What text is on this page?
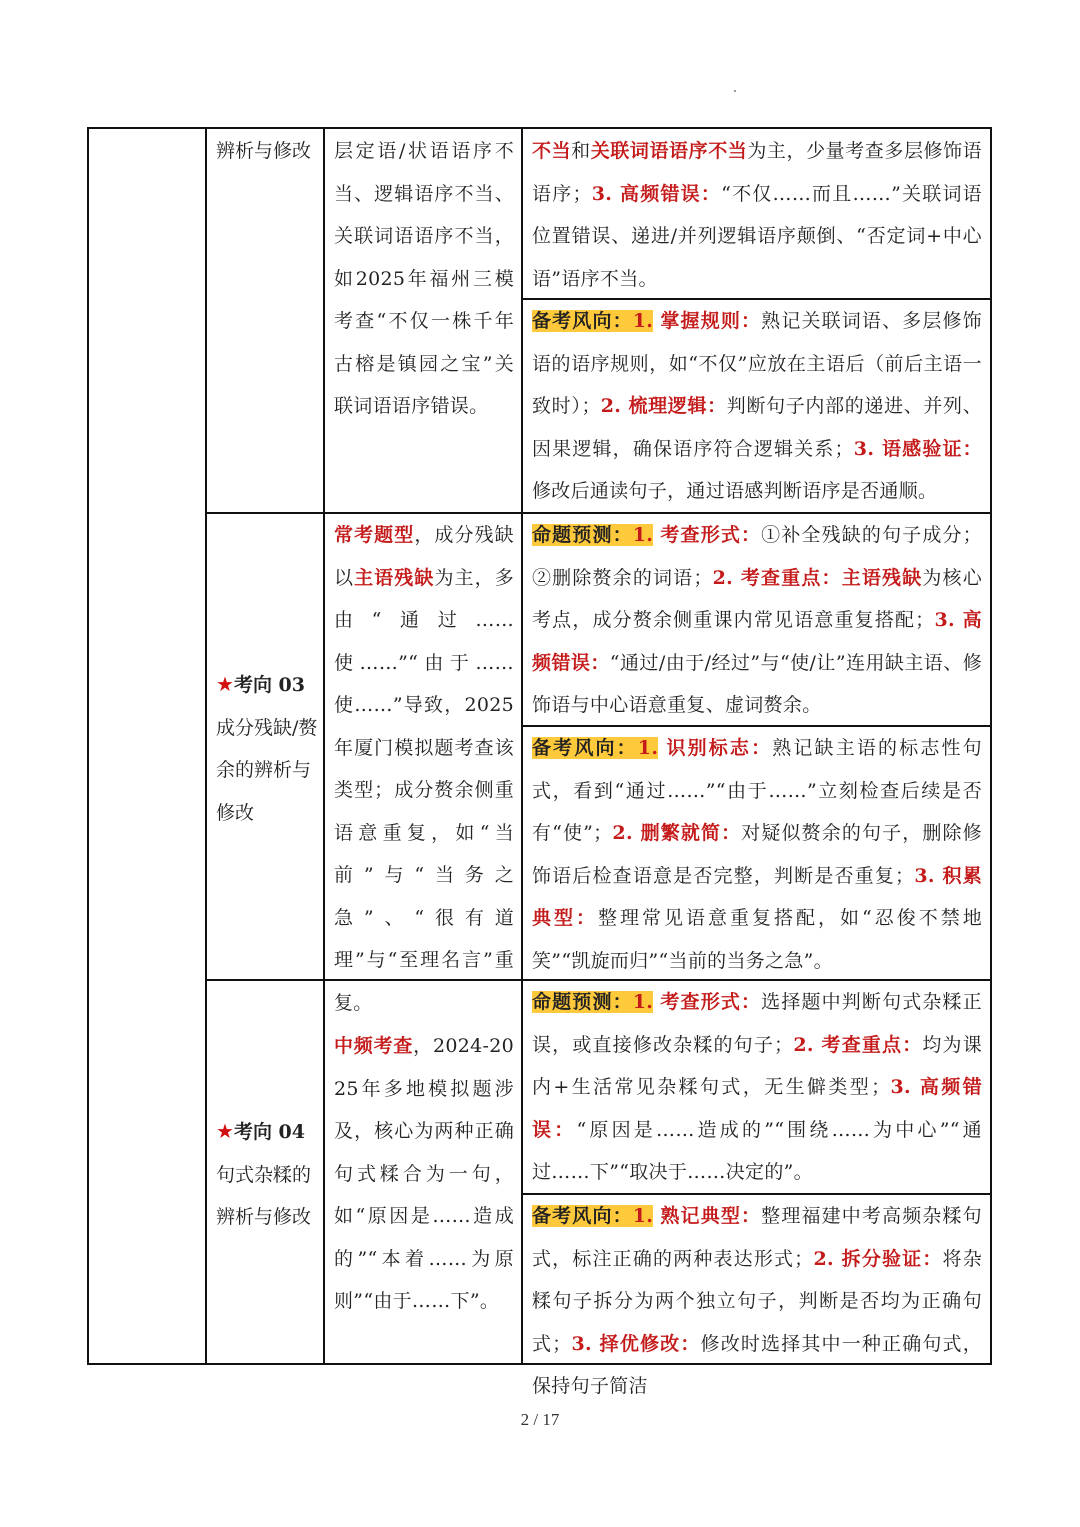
辨析与修改	层定语/状语语序不当、逻辑语序不当、关联词语语序不当，如2025年福州三模考查“不仅一株千年古榕是镇园之宝”关联词语语序错误。
不当和关联词语语序不当为主，少量考查多层修饰语语序；3. 高频错误：“不仅……而且……”关联词语位置错误、递进/并列逻辑语序颠倒、“否定词+中心语”语序不当。
备考风向：1. 掌握规则：熟记关联词语、多层修饰语的语序规则，如“不仅”应放在主语后（前后主语一致时）；2. 梳理逻辑：判断句子内部的递进、并列、因果逻辑，确保语序符合逻辑关系；3. 语感验证：修改后通读句子，通过语感判断语序是否通顺。
★考向 03
成分残缺/赘余的辨析与修改
常考题型，成分残缺以主语残缺为主，多由“通过……使……”“由于……使……”导致，2025年厦门模拟题考查该类型；成分赘余侧重语意重复，如“当前”与“当务之急”、“很有道理”与“至理名言”重复。
命题预测：1. 考查形式：①补全残缺的句子成分；②删除赘余的词语；2. 考查重点：主语残缺为核心考点，成分赘余侧重课内常见语意重复搭配；3. 高频错误：“通过/由于/经过”与“使/让”连用缺主语、修饰语与中心语意重复、虚词赘余。
备考风向：1. 识别标志：熟记缺主语的标志性句式，看到“通过……”“由于……”立刻检查后续是否有“使”；2. 删繁就简：对疑似赘余的句子，删除修饰语后检查语意是否完整，判断是否重复；3. 积累典型：整理常见语意重复搭配，如“忍俊不禁地笑”“凯旋而归”“当前的当务之急”。
★考向 04
句式杂糅的辨析与修改
中频考查，2024-2025年多地模拟题涉及，核心为两种正确句式糅合为一句，如“原因是……造成的”“本着……为原则”“由于……下”。
命题预测：1. 考查形式：选择题中判断句式杂糅正误，或直接修改杂糅的句子；2. 考查重点：均为课内+生活常见杂糅句式，无生僻类型；3. 高频错误：“原因是……造成的”“围绕……为中心”“通过……下”“取决于……决定的”。
备考风向：1. 熟记典型：整理福建中考高频杂糅句式，标注正确的两种表达形式；2. 拆分验证：将杂糅句子拆分为两个独立句子，判断是否均为正确句式；3. 择优修改：修改时选择其中一种正确句式，保持句子简洁
2 / 17
